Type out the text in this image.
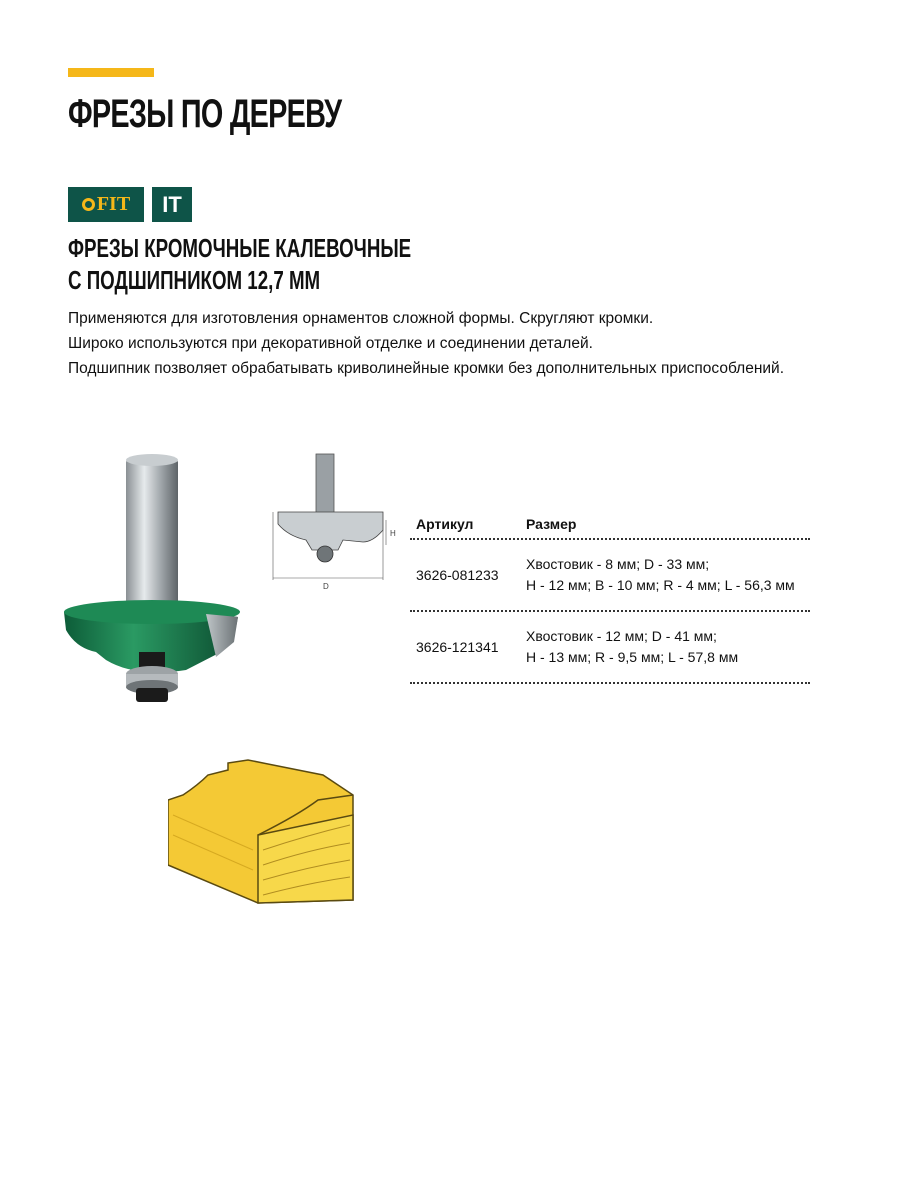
ФРЕЗЫ ПО ДЕРЕВУ
FIT	IT
ФРЕЗЫ КРОМОЧНЫЕ КАЛЕВОЧНЫЕ
С ПОДШИПНИКОМ 12,7 ММ

Применяются для изготовления орнаментов сложной формы. Скругляют кромки.

Широко используются при декоративной отделке и соединении деталей.

Подшипник позволяет обрабатывать криволинейные кромки без дополнительных приспособлений.

H
D
Артикул	Размер
3626-081233
Хвостовик - 8 мм; D - 33 мм;
H - 12 мм; B - 10 мм; R - 4 мм; L - 56,3 мм
3626-121341
Хвостовик - 12 мм; D - 41 мм;
H - 13 мм; R - 9,5 мм; L - 57,8 мм
